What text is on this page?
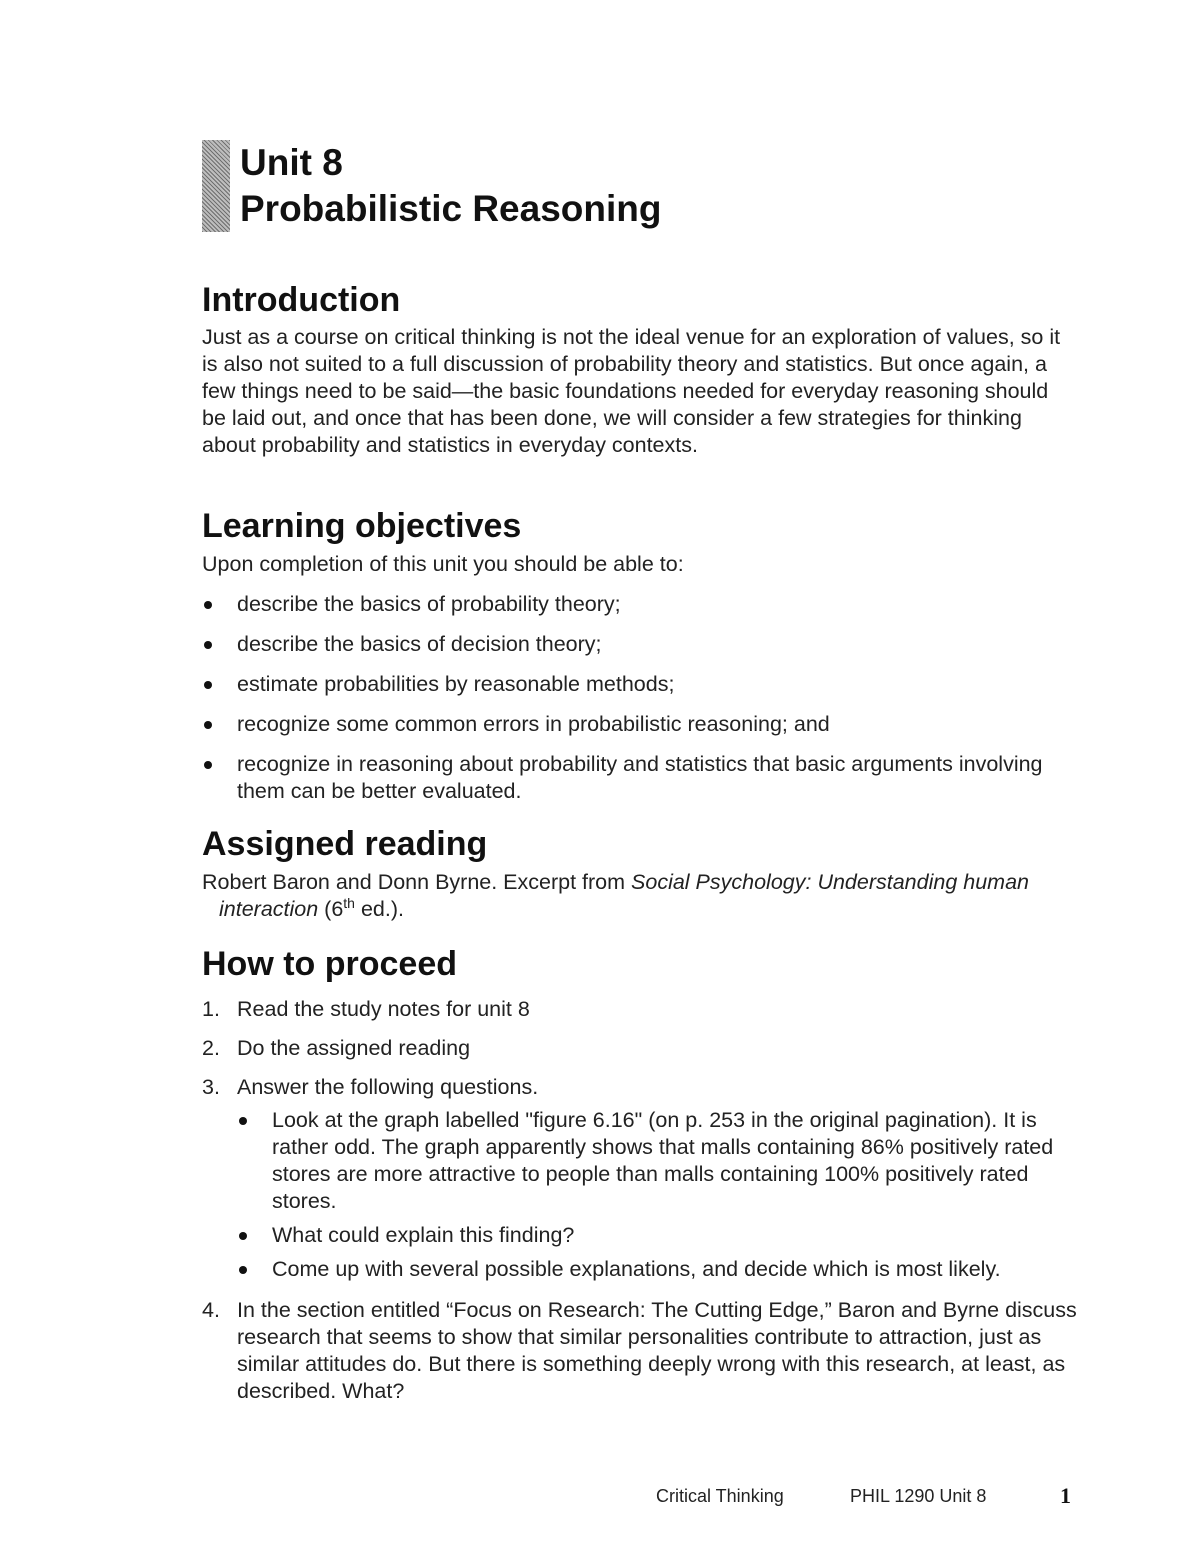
Unit 8
Probabilistic Reasoning
Introduction

Just as a course on critical thinking is not the ideal venue for an exploration of values, so it is also not suited to a full discussion of probability theory and statistics. But once again, a few things need to be said—the basic foundations needed for everyday reasoning should be laid out, and once that has been done, we will consider a few strategies for thinking about probability and statistics in everyday contexts.

Learning objectives

Upon completion of this unit you should be able to:

describe the basics of probability theory;
describe the basics of decision theory;
estimate probabilities by reasonable methods;
recognize some common errors in probabilistic reasoning; and
recognize in reasoning about probability and statistics that basic arguments involving them can be better evaluated.
Assigned reading

Robert Baron and Donn Byrne. Excerpt from Social Psychology: Understanding human interaction (6th ed.).

How to proceed
1. Read the study notes for unit 8
2. Do the assigned reading
3. Answer the following questions.
Look at the graph labelled "figure 6.16" (on p. 253 in the original pagination). It is rather odd. The graph apparently shows that malls containing 86% positively rated stores are more attractive to people than malls containing 100% positively rated stores.
What could explain this finding?
Come up with several possible explanations, and decide which is most likely.
4. In the section entitled “Focus on Research: The Cutting Edge,” Baron and Byrne discuss research that seems to show that similar personalities contribute to attraction, just as similar attitudes do. But there is something deeply wrong with this research, at least, as described. What?
Critical Thinking	PHIL 1290 Unit 8	1
